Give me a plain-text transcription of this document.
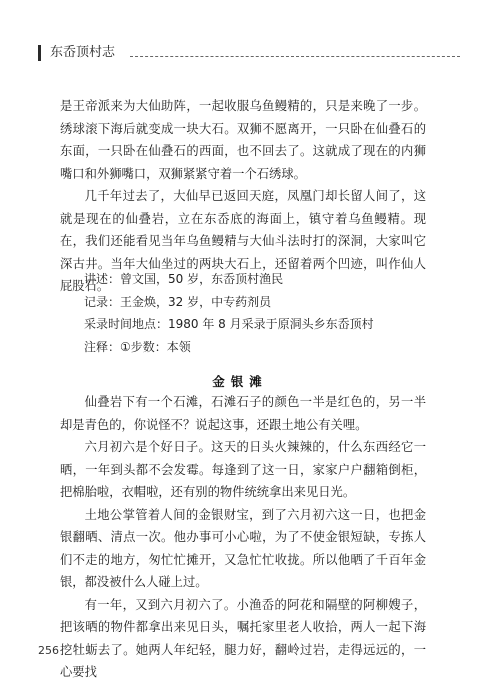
东岙顶村志

是王帝派来为大仙助阵，一起收服乌鱼鳗精的，只是来晚了一步。绣球滚下海后就变成一块大石。双狮不愿离开，一只卧在仙叠石的东面，一只卧在仙叠石的西面，也不回去了。这就成了现在的内狮嘴口和外狮嘴口，双狮紧紧守着一个石绣球。

几千年过去了，大仙早已返回天庭，凤凰门却长留人间了，这就是现在的仙叠岩，立在东岙底的海面上，镇守着乌鱼鳗精。现在，我们还能看见当年乌鱼鳗精与大仙斗法时打的深洞，大家叫它深古井。当年大仙坐过的两块大石上，还留着两个凹迹，叫作仙人屁股石。

讲述：曾文国，50 岁，东岙顶村渔民
记录：王金焕，32 岁，中专药剂员
采录时间地点：1980 年 8 月采录于原洞头乡东岙顶村
注释：①步数：本领
金银滩

仙叠岩下有一个石滩，石滩石子的颜色一半是红色的，另一半却是青色的，你说怪不？说起这事，还跟土地公有关哩。

六月初六是个好日子。这天的日头火辣辣的，什么东西经它一晒，一年到头都不会发霉。每逢到了这一日，家家户户翻箱倒柜，把棉胎啦，衣帽啦，还有别的物件统统拿出来见日光。

土地公掌管着人间的金银财宝，到了六月初六这一日，也把金银翻晒、清点一次。他办事可小心啦，为了不使金银短缺，专拣人们不走的地方，匆忙忙摊开，又急忙忙收拢。所以他晒了千百年金银，都没被什么人碰上过。

有一年，又到六月初六了。小渔岙的阿花和隔壁的阿柳嫂子，把该晒的物件都拿出来见日头，嘱托家里老人收拾，两人一起下海挖牡蛎去了。她两人年纪轻，腿力好，翻岭过岩，走得远远的，一心要找

256
